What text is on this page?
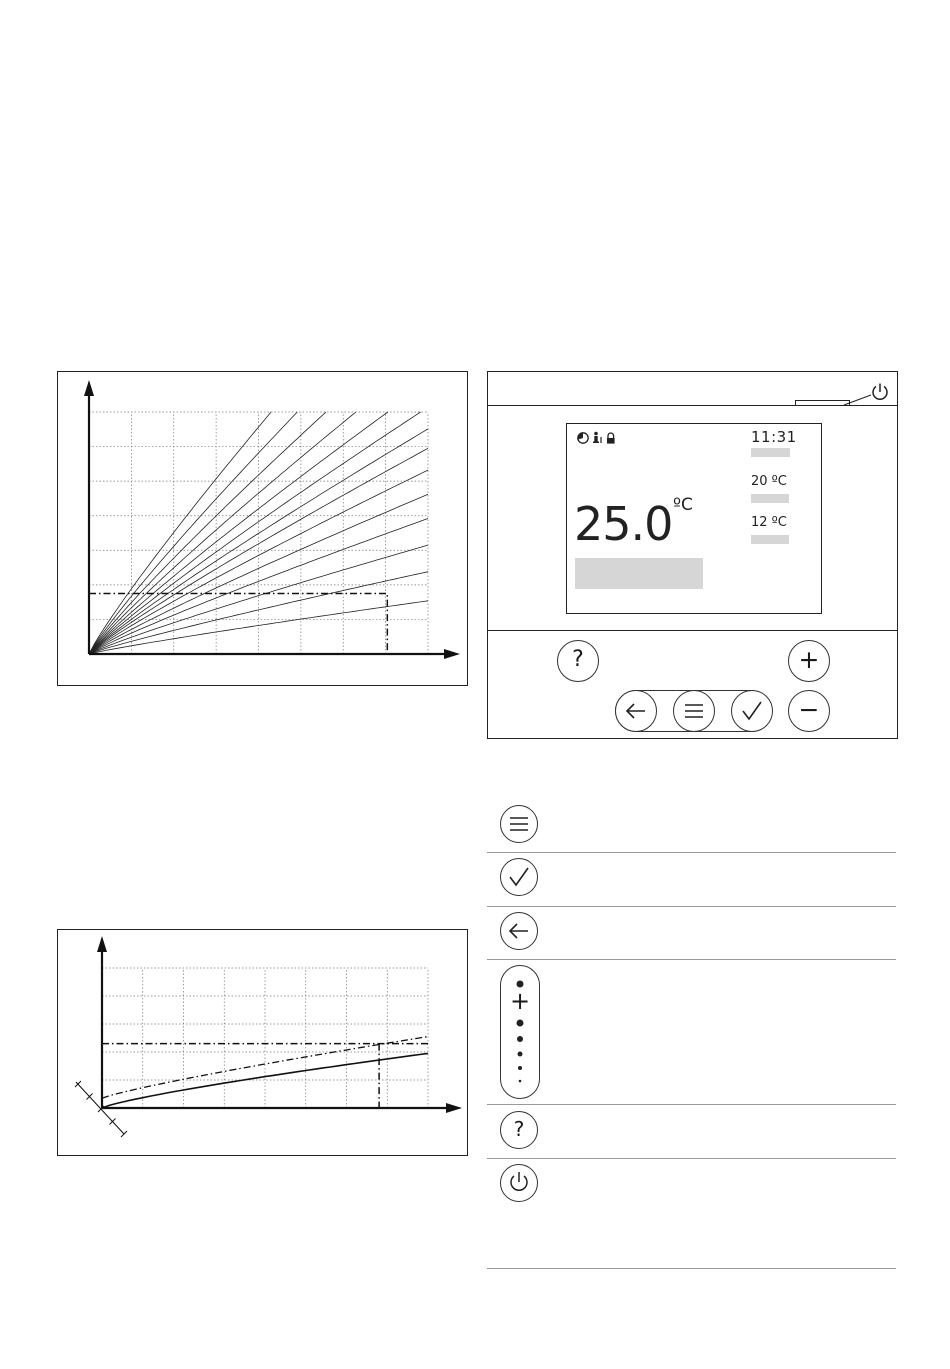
11:31
20 ºC
12 ºC
25.0 ºC
?	+
−
+
?
